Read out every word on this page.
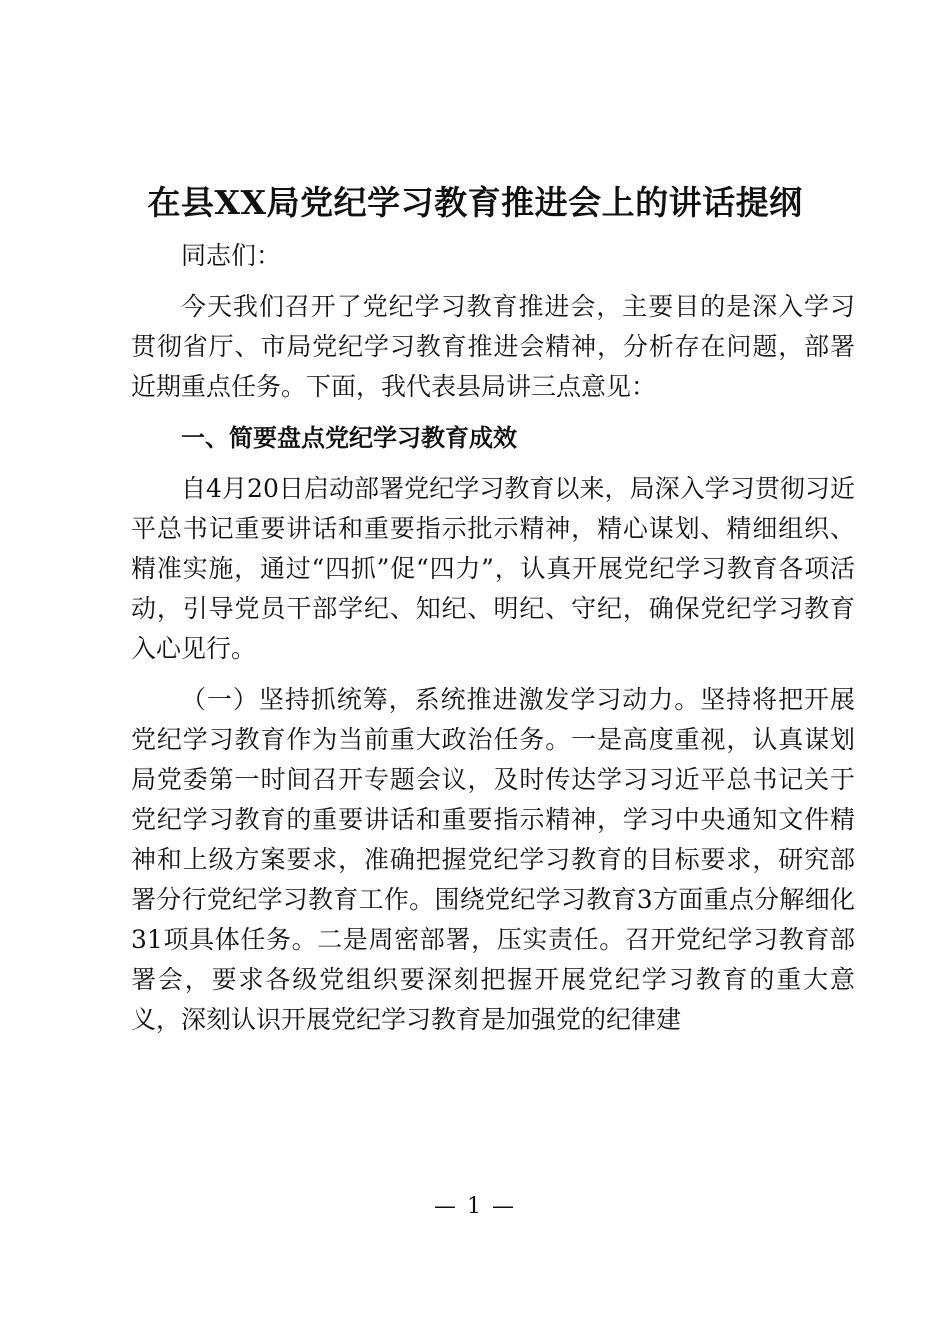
在县XX局党纪学习教育推进会上的讲话提纲

同志们：

今天我们召开了党纪学习教育推进会，主要目的是深入学习贯彻省厅、市局党纪学习教育推进会精神，分析存在问题，部署近期重点任务。下面，我代表县局讲三点意见：

一、简要盘点党纪学习教育成效

自4月20日启动部署党纪学习教育以来，局深入学习贯彻习近平总书记重要讲话和重要指示批示精神，精心谋划、精细组织、精准实施，通过“四抓”促“四力”，认真开展党纪学习教育各项活动，引导党员干部学纪、知纪、明纪、守纪，确保党纪学习教育入心见行。

（一）坚持抓统筹，系统推进激发学习动力。坚持将把开展党纪学习教育作为当前重大政治任务。一是高度重视，认真谋划局党委第一时间召开专题会议，及时传达学习习近平总书记关于党纪学习教育的重要讲话和重要指示精神，学习中央通知文件精神和上级方案要求，准确把握党纪学习教育的目标要求，研究部署分行党纪学习教育工作。围绕党纪学习教育3方面重点分解细化31项具体任务。二是周密部署，压实责任。召开党纪学习教育部署会，要求各级党组织要深刻把握开展党纪学习教育的重大意义，深刻认识开展党纪学习教育是加强党的纪律建

— 1 —
